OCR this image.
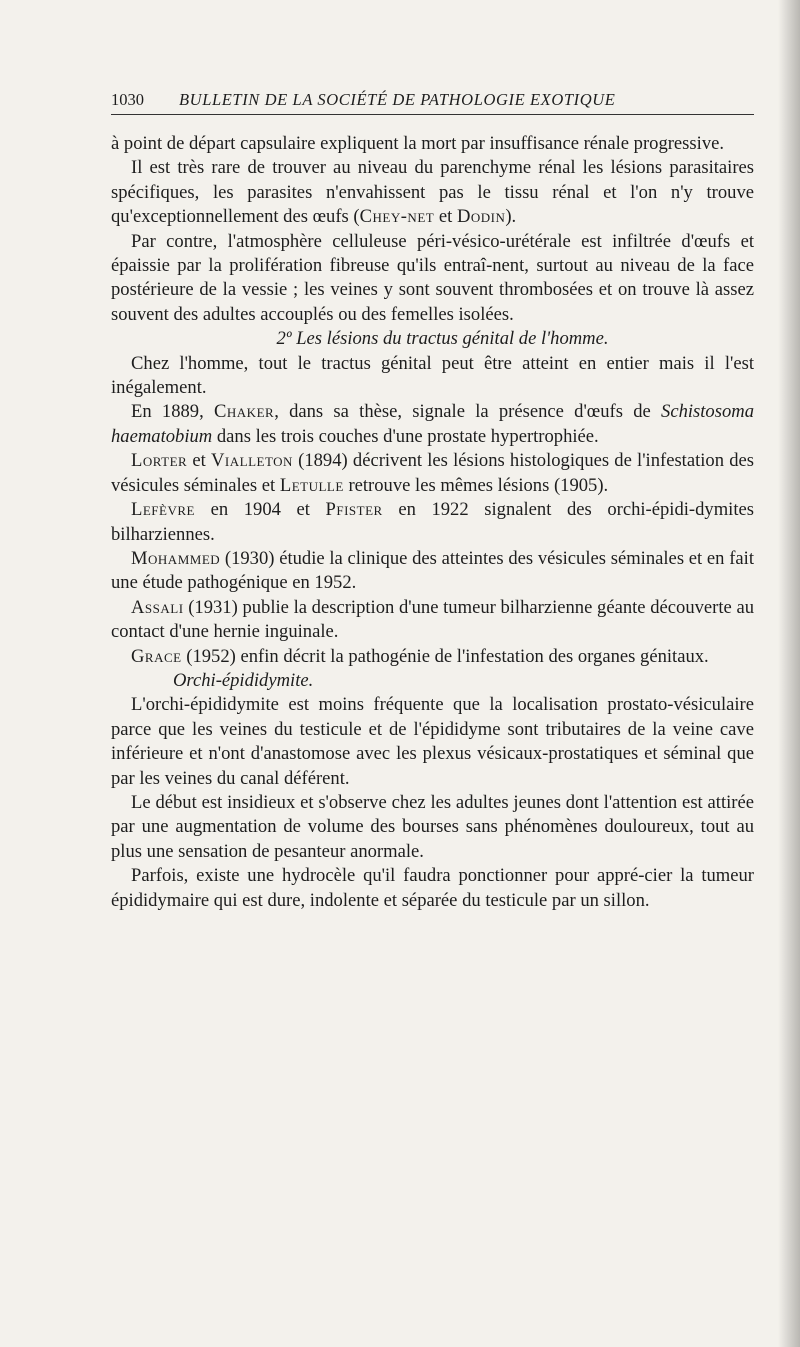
1030 BULLETIN DE LA SOCIÉTÉ DE PATHOLOGIE EXOTIQUE

à point de départ capsulaire expliquent la mort par insuffisance rénale progressive.

Il est très rare de trouver au niveau du parenchyme rénal les lésions parasitaires spécifiques, les parasites n'envahissent pas le tissu rénal et l'on n'y trouve qu'exceptionnellement des œufs (Chey-net et Dodin).

Par contre, l'atmosphère celluleuse péri-vésico-urétérale est infiltrée d'œufs et épaissie par la prolifération fibreuse qu'ils entraî-nent, surtout au niveau de la face postérieure de la vessie ; les veines y sont souvent thrombosées et on trouve là assez souvent des adultes accouplés ou des femelles isolées.

2º Les lésions du tractus génital de l'homme.

Chez l'homme, tout le tractus génital peut être atteint en entier mais il l'est inégalement.

En 1889, Chaker, dans sa thèse, signale la présence d'œufs de Schistosoma haematobium dans les trois couches d'une prostate hypertrophiée.

Lorter et Vialleton (1894) décrivent les lésions histologiques de l'infestation des vésicules séminales et Letulle retrouve les mêmes lésions (1905).

Lefèvre en 1904 et Pfister en 1922 signalent des orchi-épidi-dymites bilharziennes.

Mohammed (1930) étudie la clinique des atteintes des vésicules séminales et en fait une étude pathogénique en 1952.

Assali (1931) publie la description d'une tumeur bilharzienne géante découverte au contact d'une hernie inguinale.

Grace (1952) enfin décrit la pathogénie de l'infestation des organes génitaux.

Orchi-épididymite.

L'orchi-épididymite est moins fréquente que la localisation prostato-vésiculaire parce que les veines du testicule et de l'épididyme sont tributaires de la veine cave inférieure et n'ont d'anastomose avec les plexus vésicaux-prostatiques et séminal que par les veines du canal déférent.

Le début est insidieux et s'observe chez les adultes jeunes dont l'attention est attirée par une augmentation de volume des bourses sans phénomènes douloureux, tout au plus une sensation de pesanteur anormale.

Parfois, existe une hydrocèle qu'il faudra ponctionner pour appré-cier la tumeur épididymaire qui est dure, indolente et séparée du testicule par un sillon.
